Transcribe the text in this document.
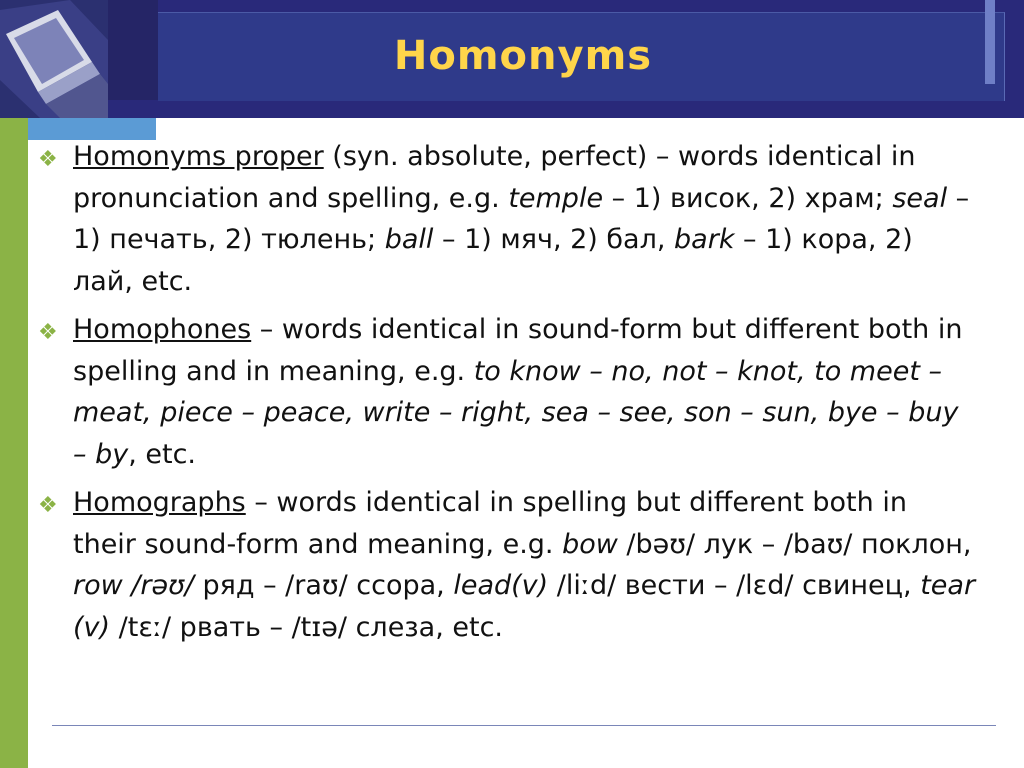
Homonyms
❖ Homonyms proper (syn. absolute, perfect) – words identical in pronunciation and spelling, e.g. temple – 1) висок, 2) храм; seal – 1) печать, 2) тюлень; ball – 1) мяч, 2) бал, bark – 1) кора, 2) лай, etc.
❖ Homophones – words identical in sound-form but different both in spelling and in meaning, e.g. to know – no, not – knot, to meet – meat, piece – peace, write – right, sea – see, son – sun, bye – buy – by, etc.
❖ Homographs – words identical in spelling but different both in their sound-form and meaning, e.g. bow /bəʊ/ лук – /baʊ/ поклон, row /rəʊ/ ряд – /raʊ/ ссора, lead(v) /liːd/ вести – /lɛd/ свинец, tear (v) /tɛː/ рвать – /tɪə/ слеза, etc.
